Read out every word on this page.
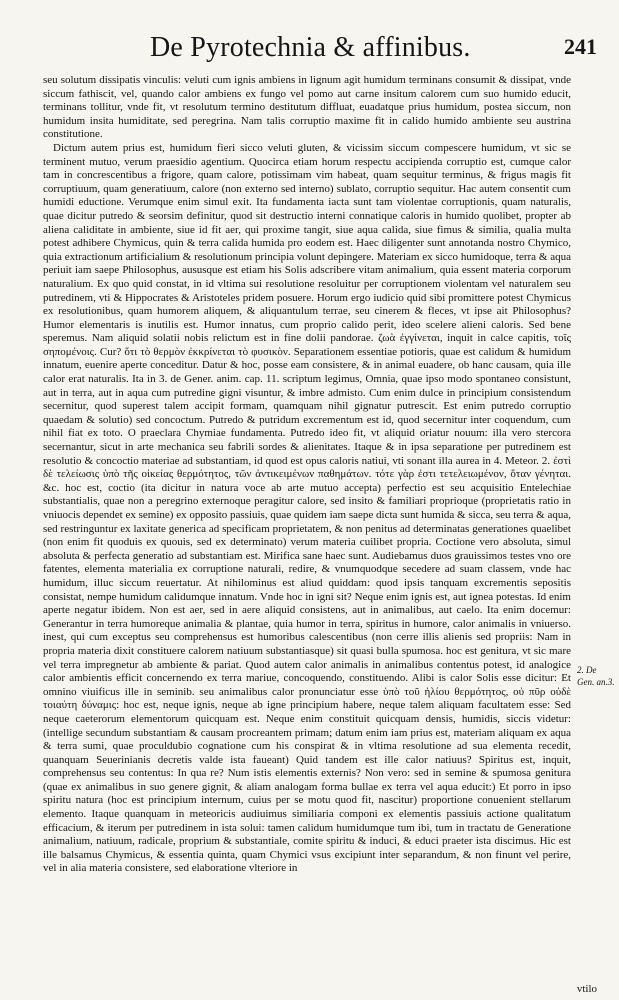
De Pyrotechnia & affinibus.	241

seu solutum dissipatis vinculis: veluti cum ignis ambiens in lignum agit humidum terminans consumit & dissipat, vnde siccum fathiscit, vel, quando calor ambiens ex fungo vel pomo aut carne insitum calorem cum suo humido educit, terminans tollitur, vnde fit, vt resolutum termino destitutum diffluat, euadatque prius humidum, postea siccum, non humidum insita humiditate, sed peregrina. Nam talis corruptio maxime fit in calido humido ambiente seu austrina constitutione.

Dictum autem prius est, humidum fieri sicco veluti gluten, & vicissim siccum compescere humidum, vt sic se terminent mutuo, verum praesidio agentium. Quocirca etiam horum respectu accipienda corruptio est, cumque calor tam in concrescentibus a frigore, quam calore, potissimam vim habeat, quam sequitur terminus, & frigus magis fit corruptiuum, quam generatiuum, calore (non externo sed interno) sublato, corruptio sequitur. Hac autem consentit cum humidi eductione. Verumque enim simul exit. Ita fundamenta iacta sunt tam violentae corruptionis, quam naturalis, quae dicitur putredo & seorsim definitur, quod sit destructio interni connatique caloris in humido quolibet, propter ab aliena caliditate in ambiente, siue id fit aer, qui proxime tangit, siue aqua calida, siue fimus & similia, qualia multa potest adhibere Chymicus, quin & terra calida humida pro eodem est. Haec diligenter sunt annotanda nostro Chymico, quia extractionum artificialium & resolutionum principia volunt depingere. Materiam ex sicco humidoque, terra & aqua periuit iam saepe Philosophus, aususque est etiam his Solis adscribere vitam animalium, quia essent materia corporum naturalium. Ex quo quid constat, in id vltima sui resolutione resoluitur per corruptionem violentam vel naturalem seu putredinem, vti & Hippocrates & Aristoteles pridem posuere. Horum ergo iudicio quid sibi promittere potest Chymicus ex resolutionibus, quam humorem aliquem, & aliquantulum terrae, seu cinerem & fleces, vt ipse ait Philosophus? Humor elementaris is inutilis est. Humor innatus, cum proprio calido perit, ideo scelere alieni caloris. Sed bene speremus. Nam aliquid solatii nobis relictum est in fine dolii pandorae. ζωὰ ἐγγίνεται, inquit in calce capitis, τοῖς σηπομένοις. Cur? ὅτι τὸ θερμὸν ἐκκρίνεται τὸ φυσικὸν. Separationem essentiae potioris, quae est calidum & humidum innatum, euenire aperte conceditur. Datur & hoc, posse eam consistere, & in animal euadere, ob hanc causam, quia ille calor erat naturalis. Ita in 3. de Gener. anim. cap. 11. scriptum legimus, Omnia, quae ipso modo spontaneo consistunt, aut in terra, aut in aqua cum putredine gigni visuntur, & imbre admisto. Cum enim dulce in principium consistendum secernitur, quod superest talem accipit formam, quamquam nihil gignatur putrescit. Est enim putredo corruptio quaedam & solutio) sed concoctum. Putredo & putridum excrementum est id, quod secernitur inter coquendum, cum nihil fiat ex toto. O praeclara Chymiae fundamenta. Putredo ideo fit, vt aliquid oriatur nouum: illa vero stercora secernantur, sicut in arte mechanica seu fabrili sordes & alienitates. Itaque & in ipsa separatione per putredinem est resolutio & concoctio materiae ad substantiam, id quod est opus caloris natiui, vti sonant illa aurea in 4. Meteor. 2. ἐστὶ δὲ τελείωσις ὑπὸ τῆς οἰκείας θερμότητος, τῶν ἀντικειμένων παθημάτων. τότε γὰρ ἐστι τετελειωμένον, ὅταν γένηται. &c. hoc est, coctio (ita dicitur in natura voce ab arte mutuo accepta) perfectio est seu acquisitio Entelechiae substantialis, quae non a peregrino externoque peragitur calore, sed insito & familiari proprioque (proprietatis ratio in vniuocis dependet ex semine) ex opposito passiuis, quae quidem iam saepe dicta sunt humida & sicca, seu terra & aqua, sed restringuntur ex laxitate generica ad specificam proprietatem, & non penitus ad determinatas generationes quaelibet (non enim fit quoduis ex quouis, sed ex determinato) verum materia cuilibet propria. Coctione vero absoluta, simul absoluta & perfecta generatio ad substantiam est. Mirifica sane haec sunt. Audiebamus duos grauissimos testes vno ore fatentes, elementa materialia ex corruptione naturali, redire, & vnumquodque secedere ad suam classem, vnde hac humidum, illuc siccum reuertatur. At nihilominus est aliud quiddam: quod ipsis tanquam excrementis sepositis consistat, nempe humidum calidumque innatum. Vnde hoc in igni sit? Neque enim ignis est, aut ignea potestas. Id enim aperte negatur ibidem. Non est aer, sed in aere aliquid consistens, aut in animalibus, aut caelo. Ita enim docemur: Generantur in terra humoreque animalia & plantae, quia humor in terra, spiritus in humore, calor animalis in vniuerso. inest, qui cum exceptus seu comprehensus est humoribus calescentibus (non cerre illis alienis sed propriis: Nam in propria materia dixit constituere calorem natiuum substantiasque) sit quasi bulla spumosa. hoc est genitura, vt sic mare vel terra impregnetur ab ambiente & pariat. Quod autem calor animalis in animalibus contentus potest, id analogice calor ambientis efficit concernendo ex terra mariue, concoquendo, constituendo. Alibi is calor Solis esse dicitur: Et omnino viuificus ille in seminib. seu animalibus calor pronunciatur esse ὑπὸ τοῦ ἡλίου θερμότητος, οὐ πῦρ οὐδὲ τοιαύτη δύναμις: hoc est, neque ignis, neque ab igne principium habere, neque talem aliquam facultatem esse: Sed neque caeterorum elementorum quicquam est. Neque enim constituit quicquam densis, humidis, siccis videtur: (intellige secundum substantiam & causam procreantem primam; datum enim iam prius est, materiam aliquam ex aqua & terra sumi, quae proculdubio cognatione cum his conspirat & in vltima resolutione ad sua elementa recedit, quanquam Seuerinianis decretis valde ista faueant) Quid tandem est ille calor natiuus? Spiritus est, inquit, comprehensus seu contentus: In qua re? Num istis elementis externis? Non vero: sed in semine & spumosa genitura (quae ex animalibus in suo genere gignit, & aliam analogam forma bullae ex terra vel aqua educit:) Et porro in ipso spiritu natura (hoc est principium internum, cuius per se motu quod fit, nascitur) proportione conuenient stellarum elemento. Itaque quanquam in meteoricis audiuimus similiaria componi ex elementis passiuis actione qualitatum efficacium, & iterum per putredinem in ista solui: tamen calidum humidumque tum ibi, tum in tractatu de Generatione animalium, natiuum, radicale, proprium & substantiale, comite spiritu & induci, & educi praeter ista discimus. Hic est ille balsamus Chymicus, & essentia quinta, quam Chymici vsus excipiunt inter separandum, & non finunt vel perire, vel in alia materia consistere, sed elaboratione vlteriore in

2. De Gen. an.3.
vtilo
